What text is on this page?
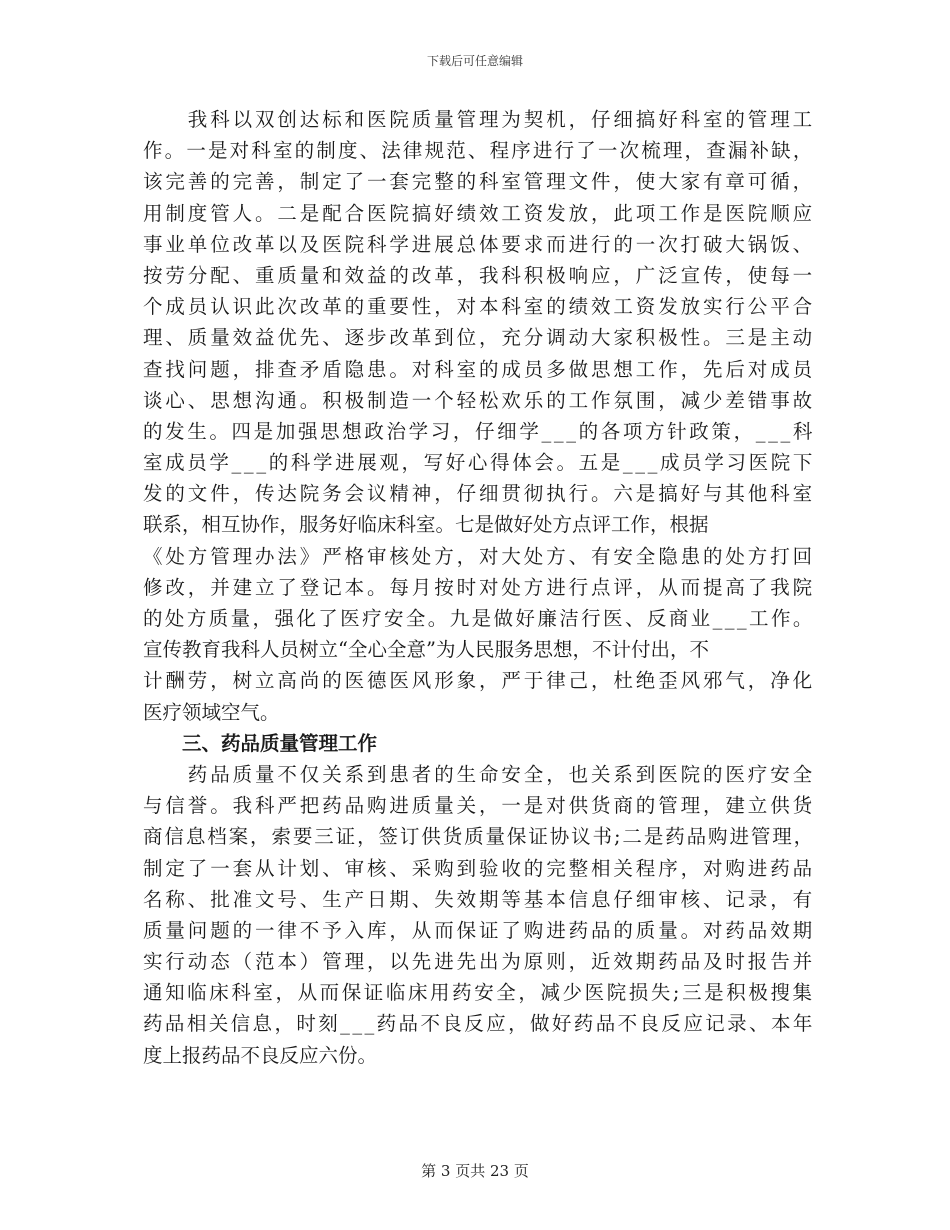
下载后可任意编辑
　　我科以双创达标和医院质量管理为契机，仔细搞好科室的管理工
作。一是对科室的制度、法律规范、程序进行了一次梳理，查漏补缺，
该完善的完善，制定了一套完整的科室管理文件，使大家有章可循，
用制度管人。二是配合医院搞好绩效工资发放，此项工作是医院顺应
事业单位改革以及医院科学进展总体要求而进行的一次打破大锅饭、
按劳分配、重质量和效益的改革，我科积极响应，广泛宣传，使每一
个成员认识此次改革的重要性，对本科室的绩效工资发放实行公平合
理、质量效益优先、逐步改革到位，充分调动大家积极性。三是主动
查找问题，排查矛盾隐患。对科室的成员多做思想工作，先后对成员
谈心、思想沟通。积极制造一个轻松欢乐的工作氛围，减少差错事故
的发生。四是加强思想政治学习，仔细学___的各项方针政策，___科
室成员学___的科学进展观，写好心得体会。五是___成员学习医院下
发的文件，传达院务会议精神，仔细贯彻执行。六是搞好与其他科室
联系，相互协作，服务好临床科室。七是做好处方点评工作，根据
《处方管理办法》严格审核处方，对大处方、有安全隐患的处方打回
修改，并建立了登记本。每月按时对处方进行点评，从而提高了我院
的处方质量，强化了医疗安全。九是做好廉洁行医、反商业___工作。
宣传教育我科人员树立“全心全意”为人民服务思想，不计付出，不
计酬劳，树立高尚的医德医风形象，严于律己，杜绝歪风邪气，净化
医疗领域空气。
　　三、药品质量管理工作
　　药品质量不仅关系到患者的生命安全，也关系到医院的医疗安全
与信誉。我科严把药品购进质量关，一是对供货商的管理，建立供货
商信息档案，索要三证，签订供货质量保证协议书;二是药品购进管理，
制定了一套从计划、审核、采购到验收的完整相关程序，对购进药品
名称、批准文号、生产日期、失效期等基本信息仔细审核、记录，有
质量问题的一律不予入库，从而保证了购进药品的质量。对药品效期
实行动态（范本）管理，以先进先出为原则，近效期药品及时报告并
通知临床科室，从而保证临床用药安全，减少医院损失;三是积极搜集
药品相关信息，时刻___药品不良反应，做好药品不良反应记录、本年
度上报药品不良反应六份。
第 3 页共 23 页
